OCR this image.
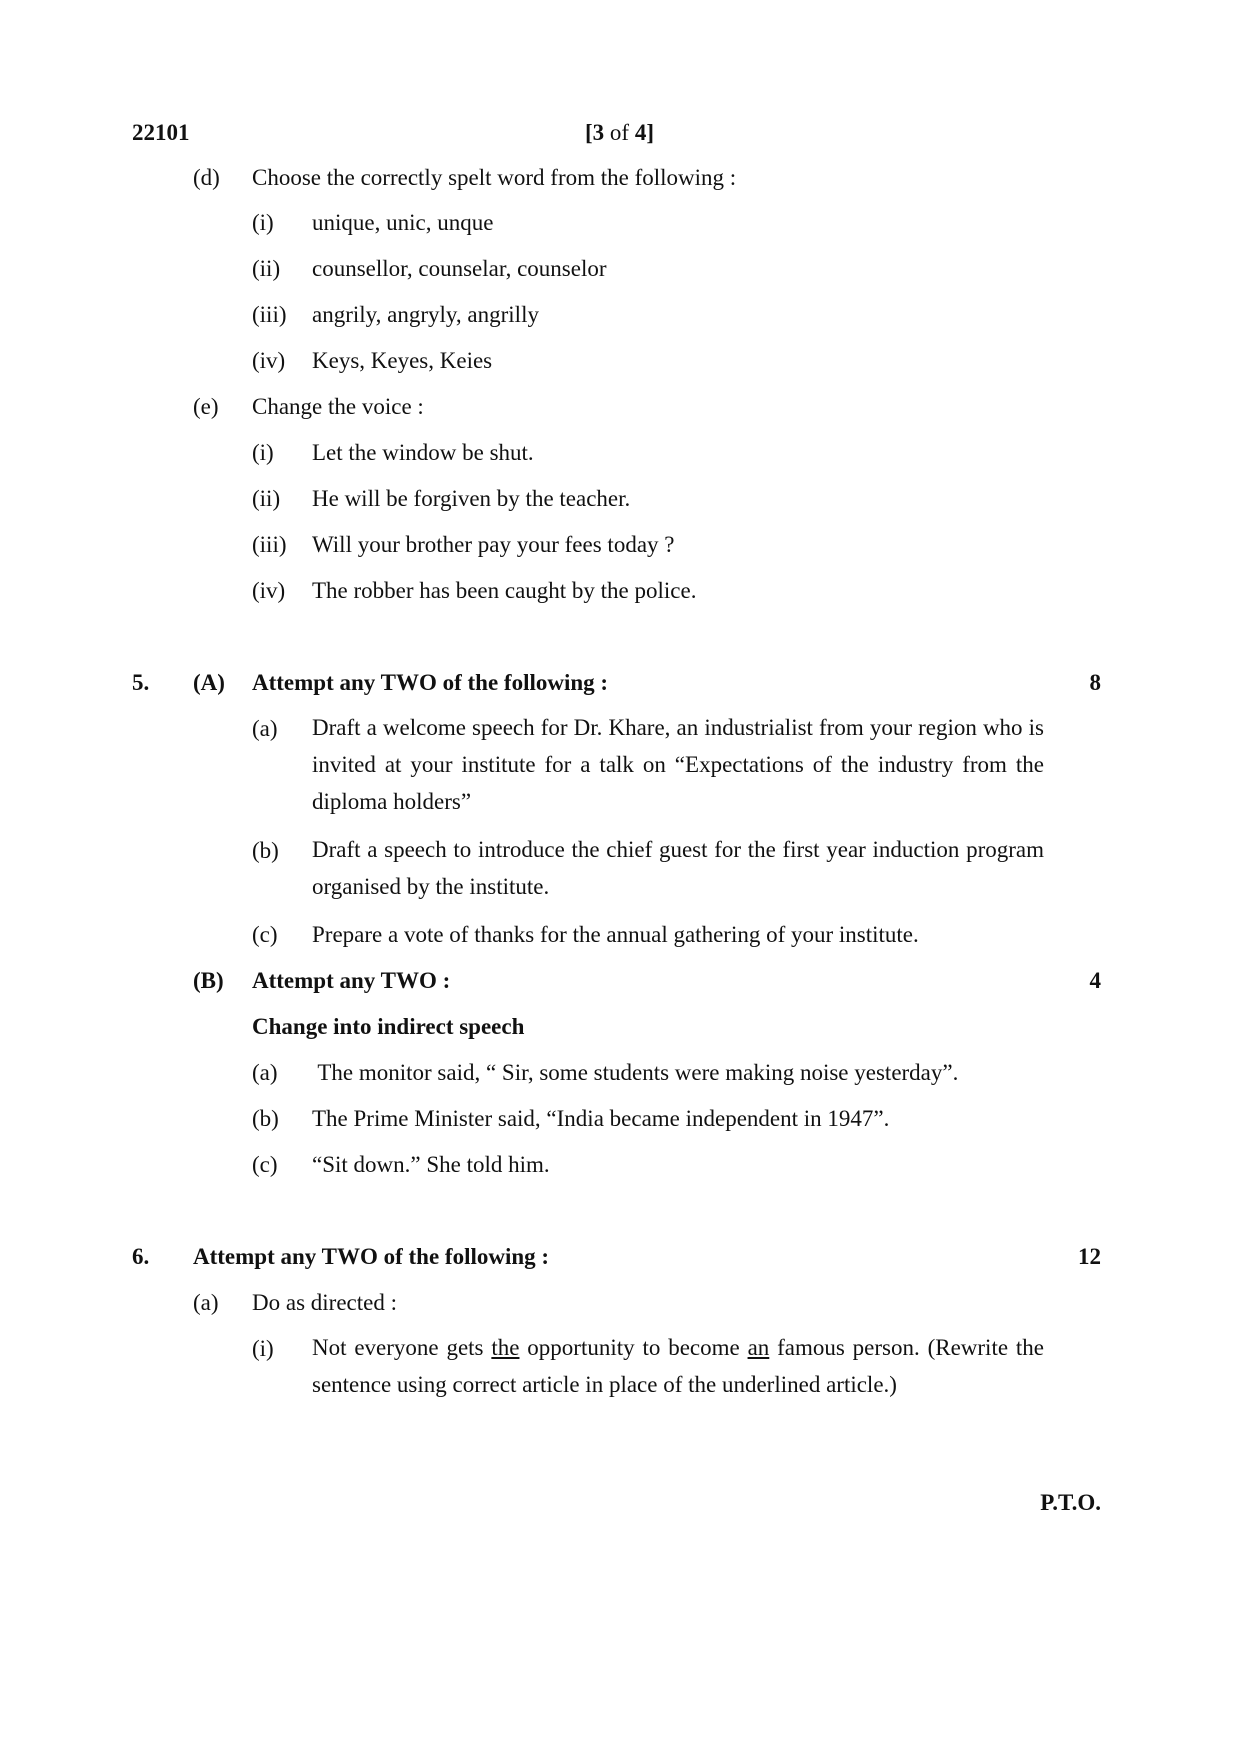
22101	[3 of 4]
(d) Choose the correctly spelt word from the following :
(i) unique, unic, unque
(ii) counsellor, counselar, counselor
(iii) angrily, angryly, angrilly
(iv) Keys, Keyes, Keies
(e) Change the voice :
(i) Let the window be shut.
(ii) He will be forgiven by the teacher.
(iii) Will your brother pay your fees today ?
(iv) The robber has been caught by the police.
5. (A) Attempt any TWO of the following :	8
(a) Draft a welcome speech for Dr. Khare, an industrialist from your region who is invited at your institute for a talk on “Expectations of the industry from the diploma holders”
(b) Draft a speech to introduce the chief guest for the first year induction program organised by the institute.
(c) Prepare a vote of thanks for the annual gathering of your institute.
(B) Attempt any TWO :	4
Change into indirect speech
(a) The monitor said, “ Sir, some students were making noise yesterday”.
(b) The Prime Minister said, “India became independent in 1947”.
(c) “Sit down.” She told him.
6. Attempt any TWO of the following :	12
(a) Do as directed :
(i) Not everyone gets the opportunity to become an famous person. (Rewrite the sentence using correct article in place of the underlined article.)
P.T.O.
